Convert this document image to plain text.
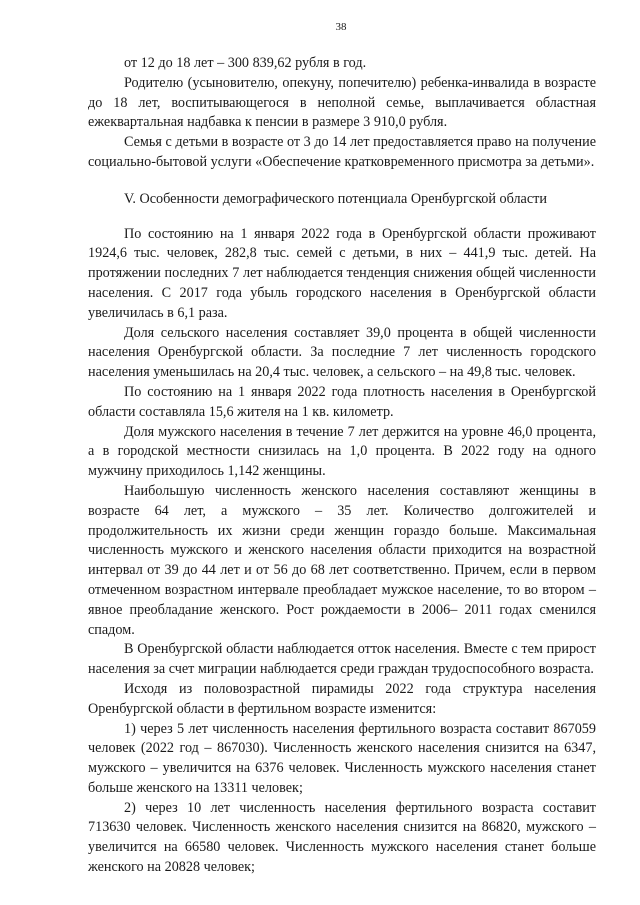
38

от 12 до 18 лет – 300 839,62 рубля в год.

Родителю (усыновителю, опекуну, попечителю) ребенка-инвалида в возрасте до 18 лет, воспитывающегося в неполной семье, выплачивается областная ежеквартальная надбавка к пенсии в размере 3 910,0 рубля.

Семья с детьми в возрасте от 3 до 14 лет предоставляется право на получение социально-бытовой услуги «Обеспечение кратковременного присмотра за детьми».

V. Особенности демографического потенциала Оренбургской области

По состоянию на 1 января 2022 года в Оренбургской области проживают 1924,6 тыс. человек, 282,8 тыс. семей с детьми, в них – 441,9 тыс. детей. На протяжении последних 7 лет наблюдается тенденция снижения общей численности населения. С 2017 года убыль городского населения в Оренбургской области увеличилась в 6,1 раза.

Доля сельского населения составляет 39,0 процента в общей численности населения Оренбургской области. За последние 7 лет численность городского населения уменьшилась на 20,4 тыс. человек, а сельского – на 49,8 тыс. человек.

По состоянию на 1 января 2022 года плотность населения в Оренбургской области составляла 15,6 жителя на 1 кв. километр.

Доля мужского населения в течение 7 лет держится на уровне 46,0 процента, а в городской местности снизилась на 1,0 процента. В 2022 году на одного мужчину приходилось 1,142 женщины.

Наибольшую численность женского населения составляют женщины в возрасте 64 лет, а мужского – 35 лет. Количество долгожителей и продолжительность их жизни среди женщин гораздо больше. Максимальная численность мужского и женского населения области приходится на возрастной интервал от 39 до 44 лет и от 56 до 68 лет соответственно. Причем, если в первом отмеченном возрастном интервале преобладает мужское население, то во втором – явное преобладание женского. Рост рождаемости в 2006– 2011 годах сменился спадом.

В Оренбургской области наблюдается отток населения. Вместе с тем прирост населения за счет миграции наблюдается среди граждан трудоспособного возраста.

Исходя из половозрастной пирамиды 2022 года структура населения Оренбургской области в фертильном возрасте изменится:

1) через 5 лет численность населения фертильного возраста составит 867059 человек (2022 год – 867030). Численность женского населения снизится на 6347, мужского – увеличится на 6376 человек. Численность мужского населения станет больше женского на 13311 человек;

2) через 10 лет численность населения фертильного возраста составит 713630 человек. Численность женского населения снизится на 86820, мужского – увеличится на 66580 человек. Численность мужского населения станет больше женского на 20828 человек;
